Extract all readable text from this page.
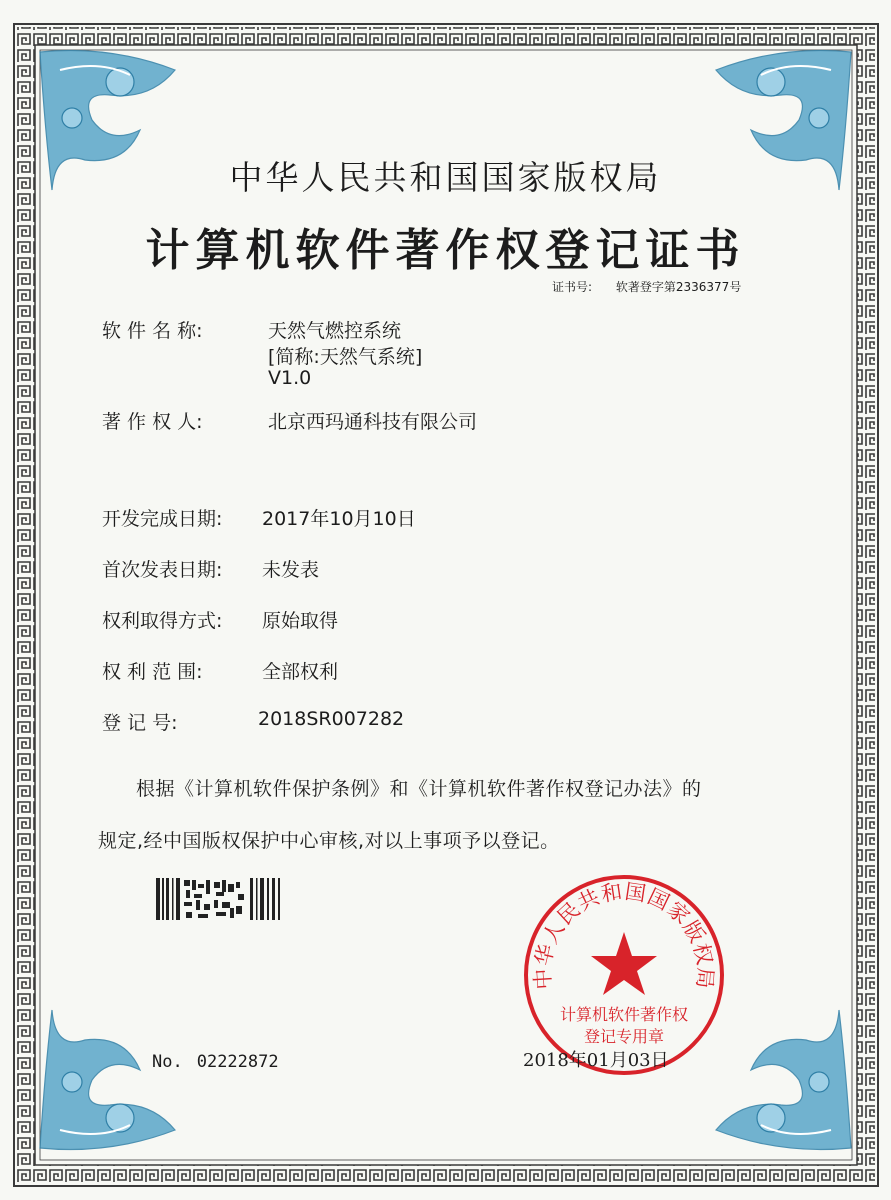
中华人民共和国国家版权局
计算机软件著作权登记证书
证书号: 软著登字第2336377号
软 件 名 称:	天然气燃控系统
[简称:天然气系统]
V1.0
著 作 权 人:	北京西玛通科技有限公司
开发完成日期: 2017年10月10日
首次发表日期: 未发表
权利取得方式: 原始取得
权 利 范 围:	全部权利
登 记 号:	2018SR007282
根据《计算机软件保护条例》和《计算机软件著作权登记办法》的
规定,经中国版权保护中心审核,对以上事项予以登记。
中华人民共和国国家版权局
计算机软件著作权
登记专用章
No. 02222872	2018年01月03日
